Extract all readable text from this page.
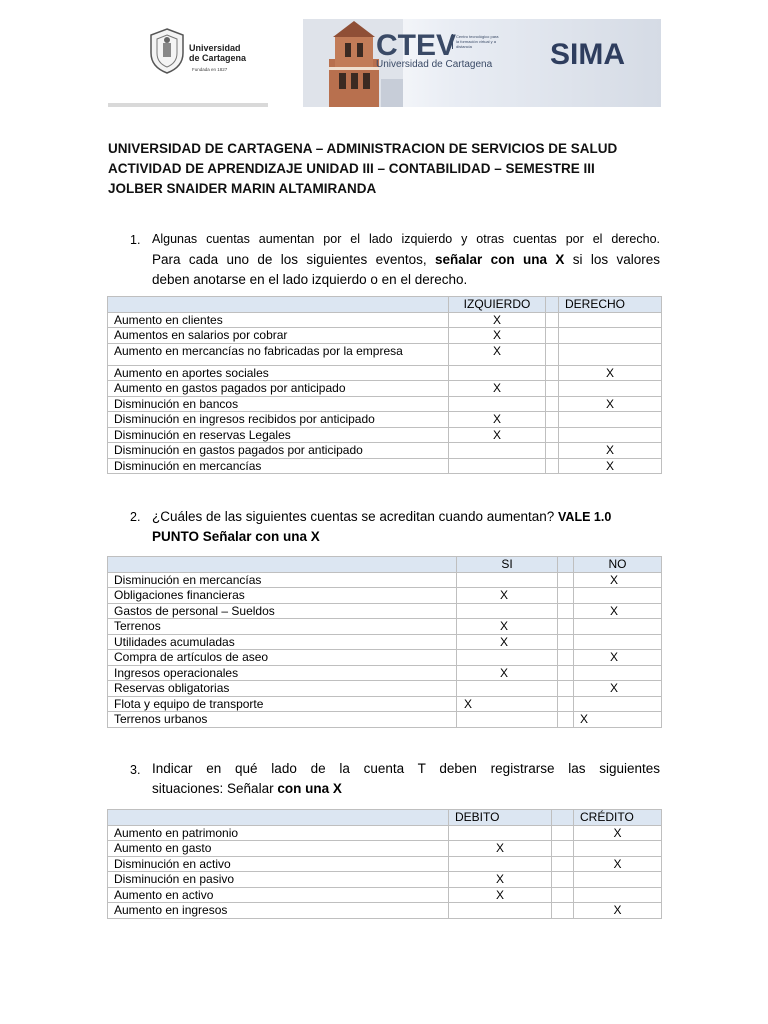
Universidad de Cartagena
Fundada en 1827
CTEV Centro tecnológico para la formación virtual y a distancia
Universidad de Cartagena SIMA
UNIVERSIDAD DE CARTAGENA – ADMINISTRACION DE SERVICIOS DE SALUD
ACTIVIDAD DE APRENDIZAJE UNIDAD III – CONTABILIDAD – SEMESTRE III
JOLBER SNAIDER MARIN ALTAMIRANDA
1. Algunas cuentas aumentan por el lado izquierdo y otras cuentas por el derecho.
Para cada uno de los siguientes eventos, señalar con una X si los valores
deben anotarse en el lado izquierdo o en el derecho.
	IZQUIERDO		DERECHO
Aumento en clientes	X		
Aumentos en salarios por cobrar	X		
Aumento en mercancías no fabricadas por la empresa	X		
Aumento en aportes sociales			X
Aumento en gastos pagados por anticipado	X		
Disminución en bancos			X
Disminución en ingresos recibidos por anticipado	X		
Disminución en reservas Legales	X		
Disminución en gastos pagados por anticipado			X
Disminución en mercancías			X
2. ¿Cuáles de las siguientes cuentas se acreditan cuando aumentan? VALE 1.0
PUNTO Señalar con una X
	SI		NO
Disminución en mercancías			X
Obligaciones financieras	X		
Gastos de personal – Sueldos			X
Terrenos	X		
Utilidades acumuladas	X		
Compra de artículos de aseo			X
Ingresos operacionales	X		
Reservas obligatorias			X
Flota y equipo de transporte	X		
Terrenos urbanos			X
3. Indicar en qué lado de la cuenta T deben registrarse las siguientes
situaciones: Señalar con una X
	DEBITO		CRÉDITO
Aumento en patrimonio			X
Aumento en gasto	X		
Disminución en activo			X
Disminución en pasivo	X		
Aumento en activo	X		
Aumento en ingresos			X
